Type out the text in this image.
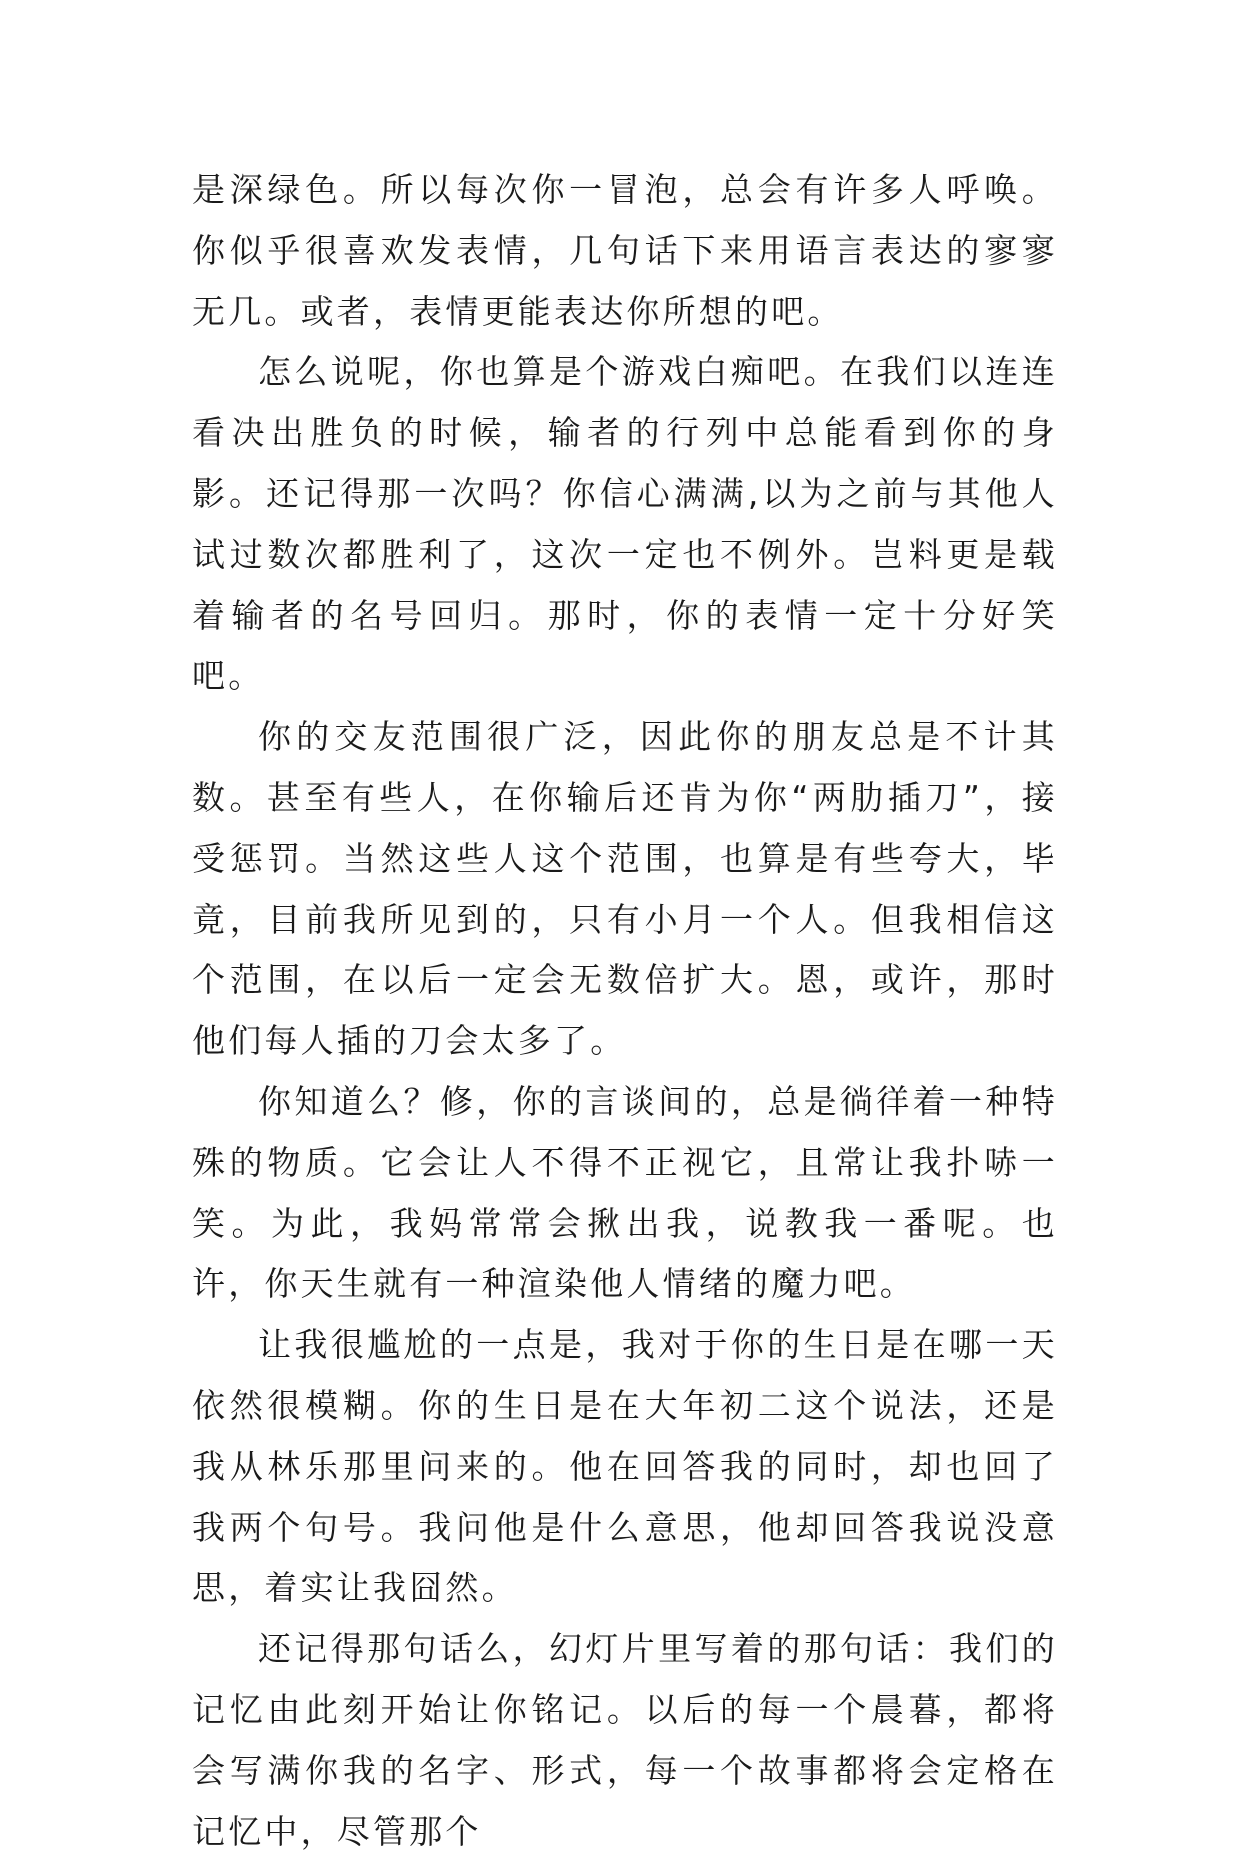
是深绿色。所以每次你一冒泡，总会有许多人呼唤。你似乎很喜欢发表情，几句话下来用语言表达的寥寥无几。或者，表情更能表达你所想的吧。

怎么说呢，你也算是个游戏白痴吧。在我们以连连看决出胜负的时候，输者的行列中总能看到你的身影。还记得那一次吗？你信心满满,以为之前与其他人试过数次都胜利了，这次一定也不例外。岂料更是载着输者的名号回归。那时，你的表情一定十分好笑吧。

你的交友范围很广泛，因此你的朋友总是不计其数。甚至有些人，在你输后还肯为你“两肋插刀”，接受惩罚。当然这些人这个范围，也算是有些夸大，毕竟，目前我所见到的，只有小月一个人。但我相信这个范围，在以后一定会无数倍扩大。恩，或许，那时他们每人插的刀会太多了。

你知道么？修，你的言谈间的，总是徜徉着一种特殊的物质。它会让人不得不正视它，且常让我扑哧一笑。为此，我妈常常会揪出我，说教我一番呢。也许，你天生就有一种渲染他人情绪的魔力吧。

让我很尴尬的一点是，我对于你的生日是在哪一天依然很模糊。你的生日是在大年初二这个说法，还是我从林乐那里问来的。他在回答我的同时，却也回了我两个句号。我问他是什么意思，他却回答我说没意思，着实让我囧然。

还记得那句话么，幻灯片里写着的那句话：我们的记忆由此刻开始让你铭记。以后的每一个晨暮，都将会写满你我的名字、形式，每一个故事都将会定格在记忆中，尽管那个
